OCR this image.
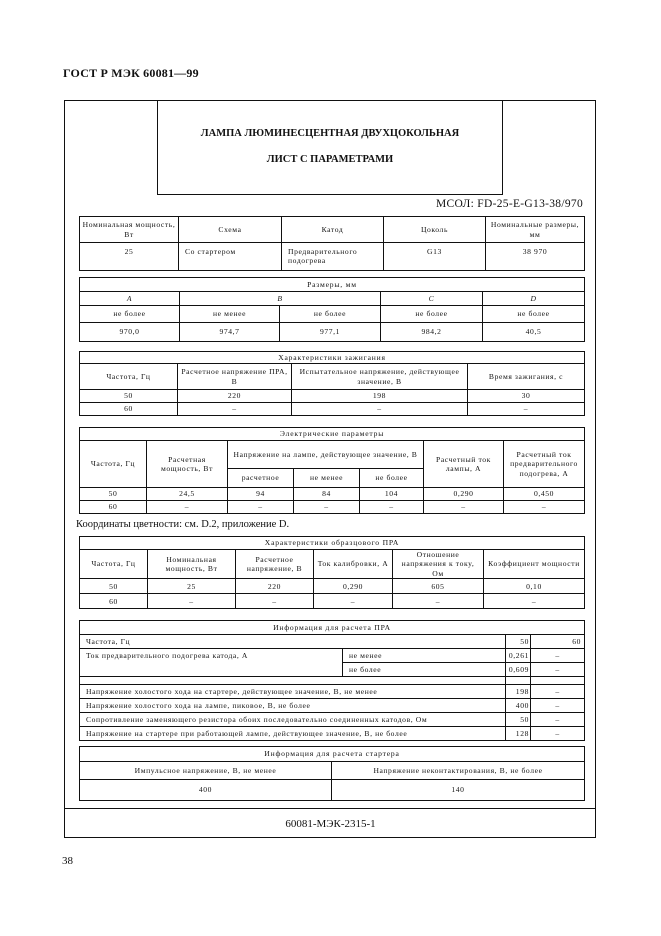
ГОСТ Р МЭК 60081—99
ЛАМПА ЛЮМИНЕСЦЕНТНАЯ ДВУХЦОКОЛЬНАЯ
ЛИСТ С ПАРАМЕТРАМИ
МСОЛ: FD-25-E-G13-38/970
Номинальная мощность, Вт	Схема	Катод	Цоколь	Номинальные размеры, мм
25	Со стартером	Предварительного подогрева	G13	38 970
Размеры, мм				
A	B		C	D
не более	не менее	не более	не более	не более
970,0	974,7	977,1	984,2	40,5
Характеристики зажигания			
Частота, Гц	Расчетное напряжение ПРА, В	Испытательное напряжение, действующее значение, В	Время зажигания, с
50	220	198	30
60	–	–	–
Электрические параметры						
Частота, Гц	Расчетная мощность, Вт	Напряжение на лампе, действующее значение, В			Расчетный ток лампы, А	Расчетный ток предварительного подогрева, А
		расчетное	не менее	не более		
50	24,5	94	84	104	0,290	0,450
60	–	–	–	–	–	–
Координаты цветности: см. D.2, приложение D.
Характеристики образцового ПРА					
Частота, Гц	Номинальная мощность, Вт	Расчетное напряжение, В	Ток калибровки, А	Отношение напряжения к току, Ом	Коэффициент мощности
50	25	220	0,290	605	0,10
60	–	–	–	–	–
Информация для расчета ПРА			
Частота, Гц		50	60
Ток предварительного подогрева катода, А	не менее	0,261	–
	не более	0,609	–

Напряжение холостого хода на стартере, действующее значение, В, не менее		198	–
Напряжение холостого хода на лампе, пиковое, В, не более		400	–
Сопротивление заменяющего резистора обоих последовательно соединенных катодов, Ом		50	–
Напряжение на стартере при работающей лампе, действующее значение, В, не более		128	–
Информация для расчета стартера	
Импульсное напряжение, В, не менее	Напряжение неконтактирования, В, не более
400	140
60081-МЭК-2315-1
38
